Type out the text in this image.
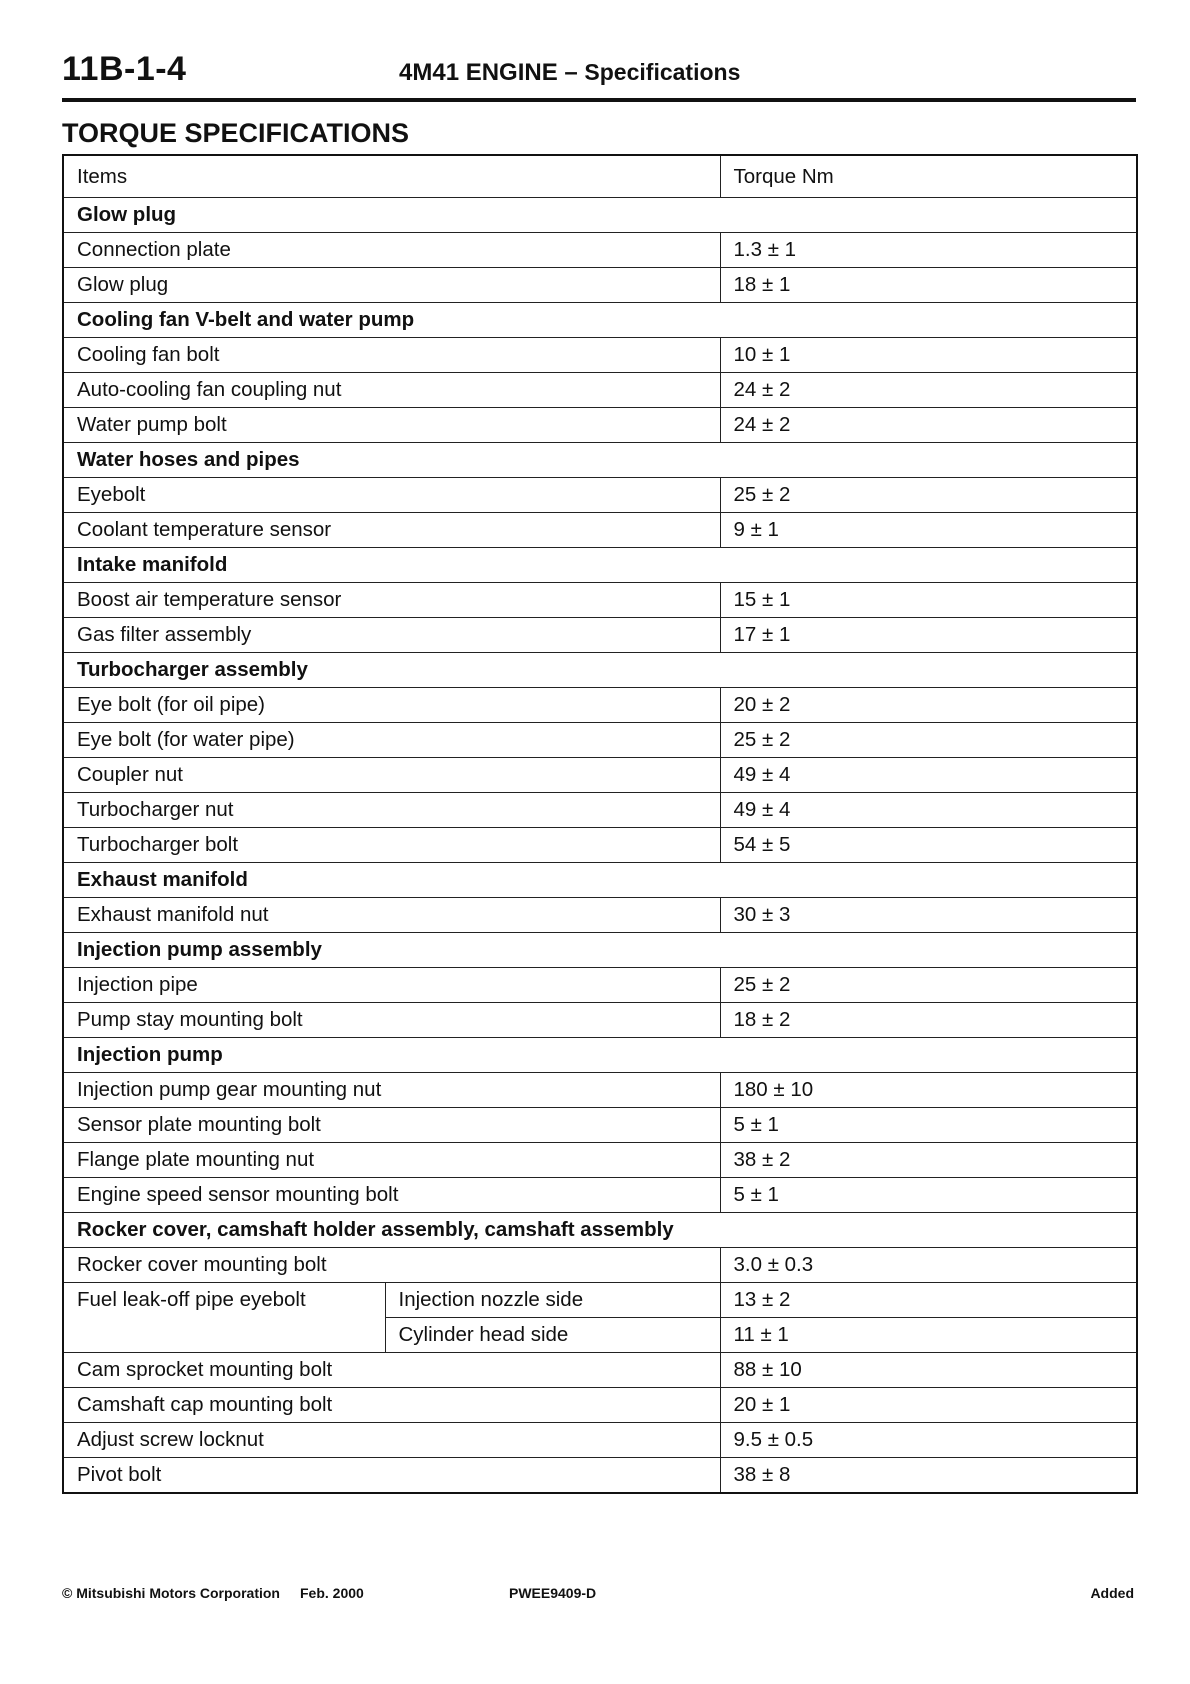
11B-1-4	4M41 ENGINE – Specifications
TORQUE SPECIFICATIONS
Items		Torque Nm
Glow plug		
Connection plate		1.3 ± 1
Glow plug		18 ± 1
Cooling fan V-belt and water pump		
Cooling fan bolt		10 ± 1
Auto-cooling fan coupling nut		24 ± 2
Water pump bolt		24 ± 2
Water hoses and pipes		
Eyebolt		25 ± 2
Coolant temperature sensor		9 ± 1
Intake manifold		
Boost air temperature sensor		15 ± 1
Gas filter assembly		17 ± 1
Turbocharger assembly		
Eye bolt (for oil pipe)		20 ± 2
Eye bolt (for water pipe)		25 ± 2
Coupler nut		49 ± 4
Turbocharger nut		49 ± 4
Turbocharger bolt		54 ± 5
Exhaust manifold		
Exhaust manifold nut		30 ± 3
Injection pump assembly		
Injection pipe		25 ± 2
Pump stay mounting bolt		18 ± 2
Injection pump		
Injection pump gear mounting nut		180 ± 10
Sensor plate mounting bolt		5 ± 1
Flange plate mounting nut		38 ± 2
Engine speed sensor mounting bolt		5 ± 1
Rocker cover, camshaft holder assembly, camshaft assembly		
Rocker cover mounting bolt		3.0 ± 0.3
Fuel leak-off pipe eyebolt	Injection nozzle side	13 ± 2
	Cylinder head side	11 ± 1
Cam sprocket mounting bolt		88 ± 10
Camshaft cap mounting bolt		20 ± 1
Adjust screw locknut		9.5 ± 0.5
Pivot bolt		38 ± 8
© Mitsubishi Motors Corporation Feb. 2000	PWEE9409-D	Added
